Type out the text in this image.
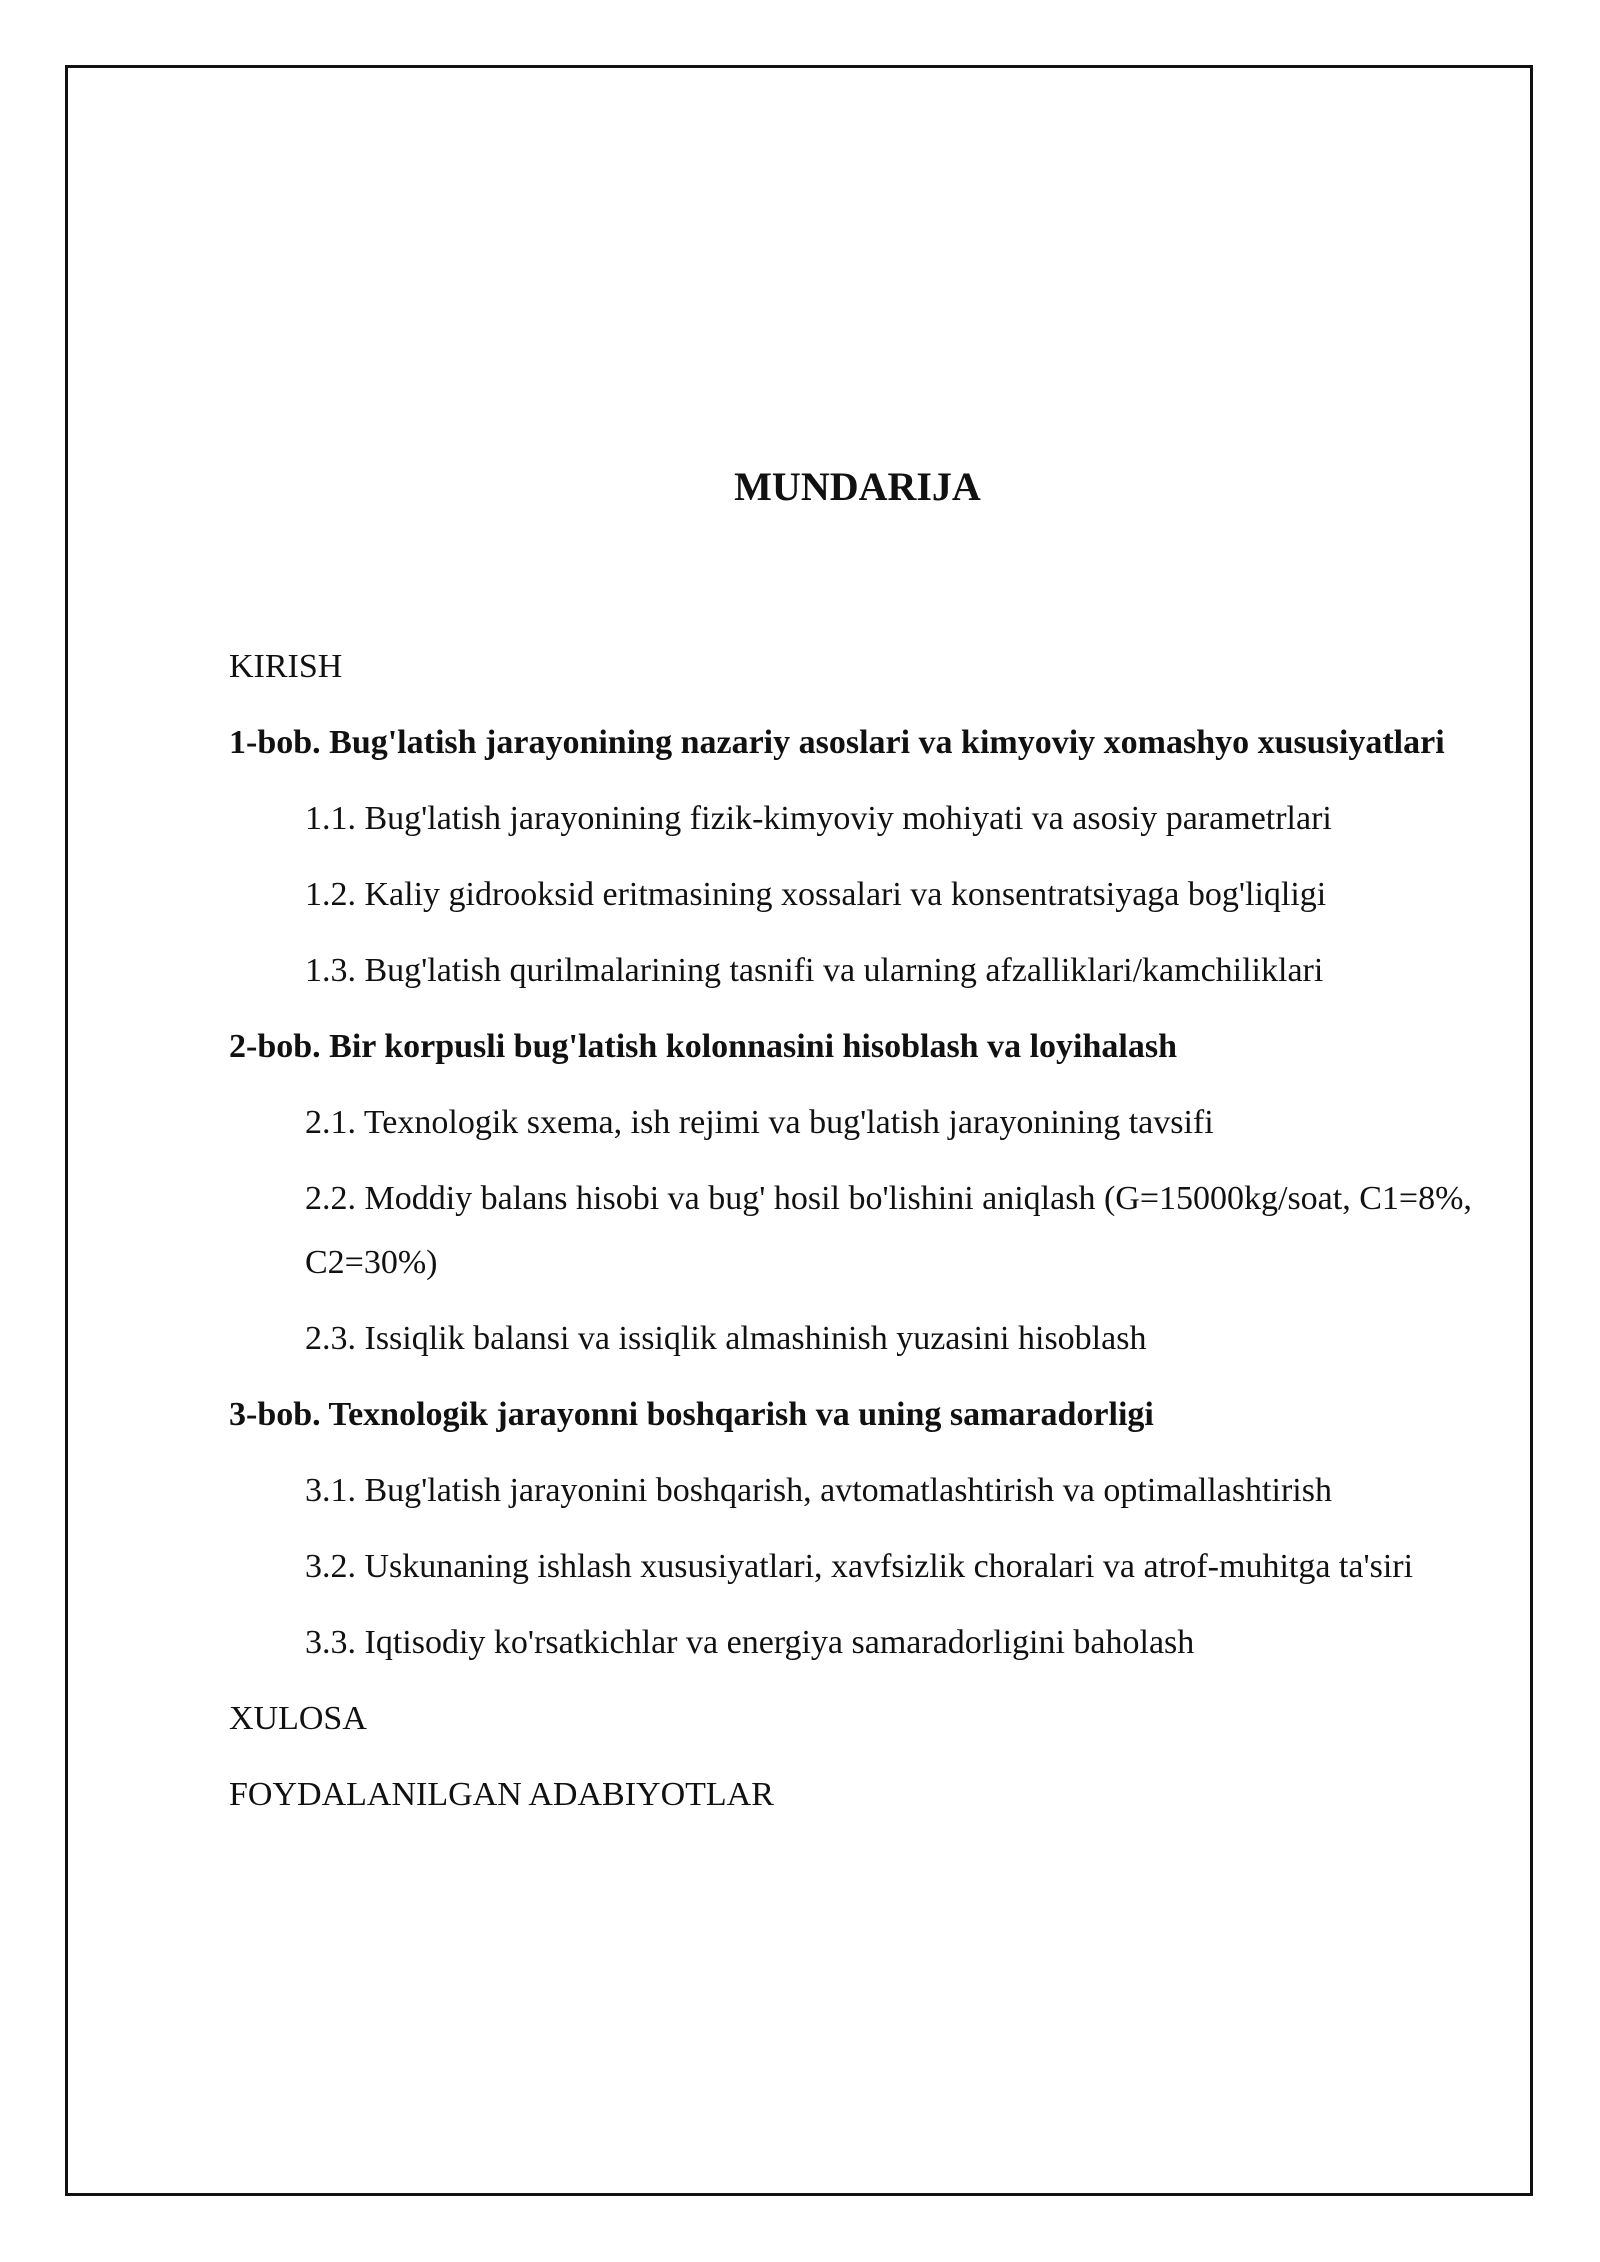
MUNDARIJA
KIRISH
1-bob. Bug'latish jarayonining nazariy asoslari va kimyoviy xomashyo xususiyatlari
1.1. Bug'latish jarayonining fizik-kimyoviy mohiyati va asosiy parametrlari
1.2. Kaliy gidrooksid eritmasining xossalari va konsentratsiyaga bog'liqligi
1.3. Bug'latish qurilmalarining tasnifi va ularning afzalliklari/kamchiliklari
2-bob. Bir korpusli bug'latish kolonnasini hisoblash va loyihalash
2.1. Texnologik sxema, ish rejimi va bug'latish jarayonining tavsifi
2.2. Moddiy balans hisobi va bug' hosil bo'lishini aniqlash (G=15000kg/soat, C1=8%, C2=30%)
2.3. Issiqlik balansi va issiqlik almashinish yuzasini hisoblash
3-bob. Texnologik jarayonni boshqarish va uning samaradorligi
3.1. Bug'latish jarayonini boshqarish, avtomatlashtirish va optimallashtirish
3.2. Uskunaning ishlash xususiyatlari, xavfsizlik choralari va atrof-muhitga ta'siri
3.3. Iqtisodiy ko'rsatkichlar va energiya samaradorligini baholash
XULOSA
FOYDALANILGAN ADABIYOTLAR
